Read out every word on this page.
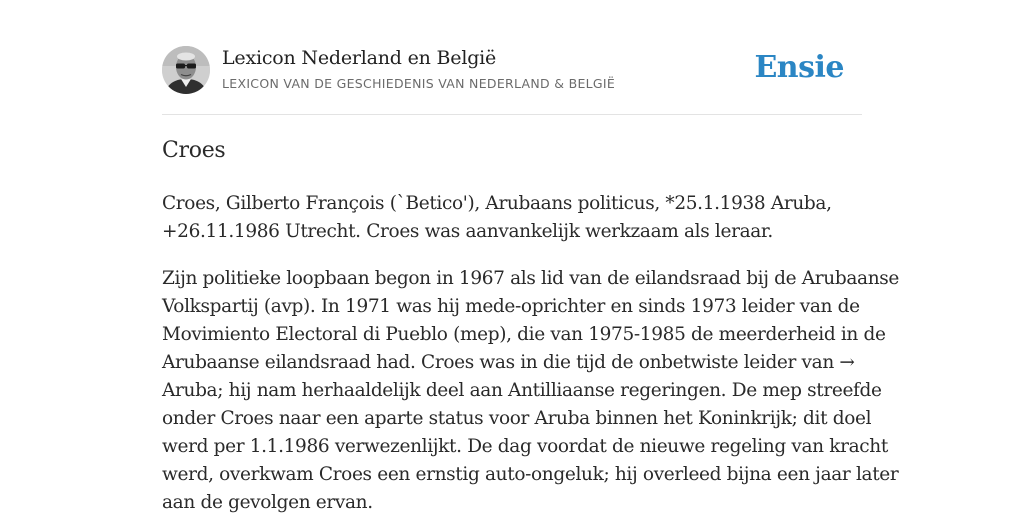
Lexicon Nederland en België
LEXICON VAN DE GESCHIEDENIS VAN NEDERLAND & BELGIË	Ensie
Croes

Croes, Gilberto François (`Betico'), Arubaans politicus, *25.1.1938 Aruba,
+26.11.1986 Utrecht. Croes was aanvankelijk werkzaam als leraar.

Zijn politieke loopbaan begon in 1967 als lid van de eilandsraad bij de Arubaanse
Volkspartij (avp). In 1971 was hij mede-oprichter en sinds 1973 leider van de
Movimiento Electoral di Pueblo (mep), die van 1975-1985 de meerderheid in de
Arubaanse eilandsraad had. Croes was in die tijd de onbetwiste leider van →
Aruba; hij nam herhaaldelijk deel aan Antilliaanse regeringen. De mep streefde
onder Croes naar een aparte status voor Aruba binnen het Koninkrijk; dit doel
werd per 1.1.1986 verwezenlijkt. De dag voordat de nieuwe regeling van kracht
werd, overkwam Croes een ernstig auto-ongeluk; hij overleed bijna een jaar later
aan de gevolgen ervan.
